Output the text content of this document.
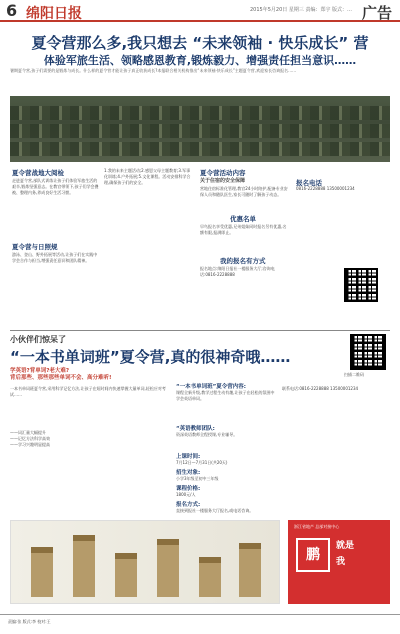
6 绵阳日报	2015年5月20日 星期三 责编：郑宇 版式：… 广告
夏令营那么多,我只想去 “未来领袖 · 快乐成长” 营
体验军旅生活、领略感恩教育,锻炼毅力、增强责任担当意识……
暑期夏令营,孩子们需要的是锻炼与成长。什么样的夏令营才能让孩子真正收获成长?本报联合相关机构推出“未来领袖·快乐成长”主题夏令营,欢迎家长咨询报名……
夏令营战地大阅检
走进夏令营,部队式训练让孩子们体验军旅生活的艰辛,锻炼坚强意志。在教官带领下,孩子们学会叠被、整理内务,养成良好生活习惯。
夏令营与日照规
游泳、登山、野外拓展等活动,让孩子们在实践中学会合作与担当,增强责任意识和团队精神。
1.我的未来主题活动;2.感恩父母主题教育;3.军事化训练;4.户外拓展;5.文化课程。活动安排科学合理,确保孩子们的安全。
夏令营活动内容
关于住宿的安全保障
营地住宿标准化管理,教官24小时陪护,配备专业安保人员和随队医生,家长可随时了解孩子动态。
优惠名单
早鸟报名享受优惠,兄弟姐妹同时报名另有优惠,名额有限,报满即止。
我的报名有方式
报名地点:绵阳日报社一楼服务大厅;咨询电话:0816-2228888
0816-2228888 13500001234
报名电话
小伙伴们惊呆了
“一本书单词班”夏令营,真的很神奇哦……
扫描二维码
学英语?背单词?老大难?
背后那些、那些那些单词不会、高分难听!
一本书单词班夏令营,采用科学记忆方法,让孩子在短时间内快速掌握大量单词,轻松应对考试……
——词汇量大幅提升
——记忆方法科学高效
——学习兴趣明显提高
“一本书单词班”夏令营内容:
课程全新升级,教学过程生动有趣,让孩子在轻松的氛围中学会英语单词。
“英语教师团队:
资深英语教师全程授课,专业辅导。
上课时间:
7月12日—7月31日(共20天)
招生对象:
小学3年级至初中三年级
课程价格:
1800元/人
报名方式:
直接到报社一楼服务大厅报名,或电话咨询。
联系电话:0816-2228888 13500001234
浙江省地产 总部对接中心
鹏
就是
我
责编:张 版式:李 校对:王
